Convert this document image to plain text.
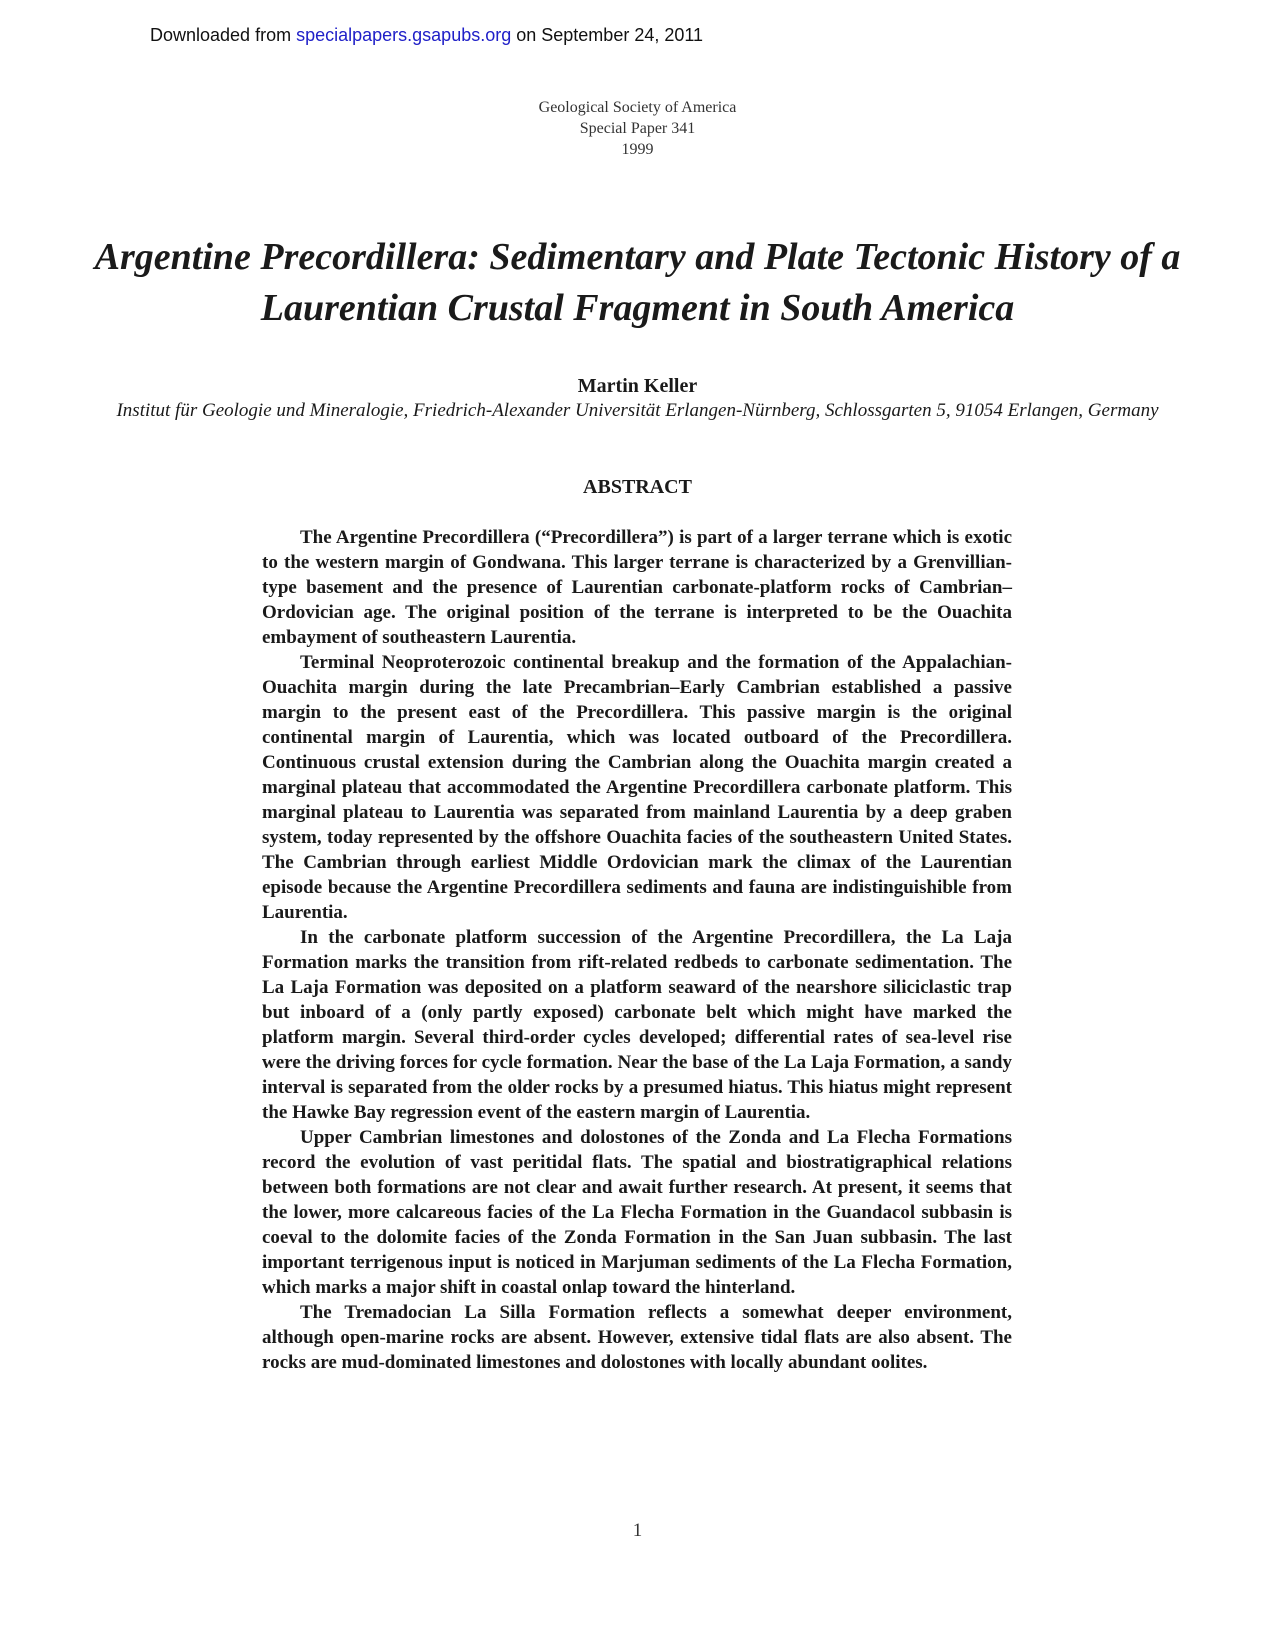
Downloaded from specialpapers.gsapubs.org on September 24, 2011
Geological Society of America
Special Paper 341
1999
Argentine Precordillera: Sedimentary and Plate Tectonic History of a Laurentian Crustal Fragment in South America
Martin Keller
Institut für Geologie und Mineralogie, Friedrich-Alexander Universität Erlangen-Nürnberg, Schlossgarten 5, 91054 Erlangen, Germany
ABSTRACT

The Argentine Precordillera (“Precordillera”) is part of a larger terrane which is exotic to the western margin of Gondwana. This larger terrane is characterized by a Grenvillian-type basement and the presence of Laurentian carbonate-platform rocks of Cambrian–Ordovician age. The original position of the terrane is interpreted to be the Ouachita embayment of southeastern Laurentia.

Terminal Neoproterozoic continental breakup and the formation of the Appalachian-Ouachita margin during the late Precambrian–Early Cambrian established a passive margin to the present east of the Precordillera. This passive margin is the original continental margin of Laurentia, which was located outboard of the Precordillera. Continuous crustal extension during the Cambrian along the Ouachita margin created a marginal plateau that accommodated the Argentine Precordillera carbonate platform. This marginal plateau to Laurentia was separated from mainland Laurentia by a deep graben system, today represented by the offshore Ouachita facies of the southeastern United States. The Cambrian through earliest Middle Ordovician mark the climax of the Laurentian episode because the Argentine Precordillera sediments and fauna are indistinguishible from Laurentia.

In the carbonate platform succession of the Argentine Precordillera, the La Laja Formation marks the transition from rift-related redbeds to carbonate sedimentation. The La Laja Formation was deposited on a platform seaward of the nearshore siliciclastic trap but inboard of a (only partly exposed) carbonate belt which might have marked the platform margin. Several third-order cycles developed; differential rates of sea-level rise were the driving forces for cycle formation. Near the base of the La Laja Formation, a sandy interval is separated from the older rocks by a presumed hiatus. This hiatus might represent the Hawke Bay regression event of the eastern margin of Laurentia.

Upper Cambrian limestones and dolostones of the Zonda and La Flecha Formations record the evolution of vast peritidal flats. The spatial and biostratigraphical relations between both formations are not clear and await further research. At present, it seems that the lower, more calcareous facies of the La Flecha Formation in the Guandacol subbasin is coeval to the dolomite facies of the Zonda Formation in the San Juan subbasin. The last important terrigenous input is noticed in Marjuman sediments of the La Flecha Formation, which marks a major shift in coastal onlap toward the hinterland.

The Tremadocian La Silla Formation reflects a somewhat deeper environment, although open-marine rocks are absent. However, extensive tidal flats are also absent. The rocks are mud-dominated limestones and dolostones with locally abundant oolites.

1
